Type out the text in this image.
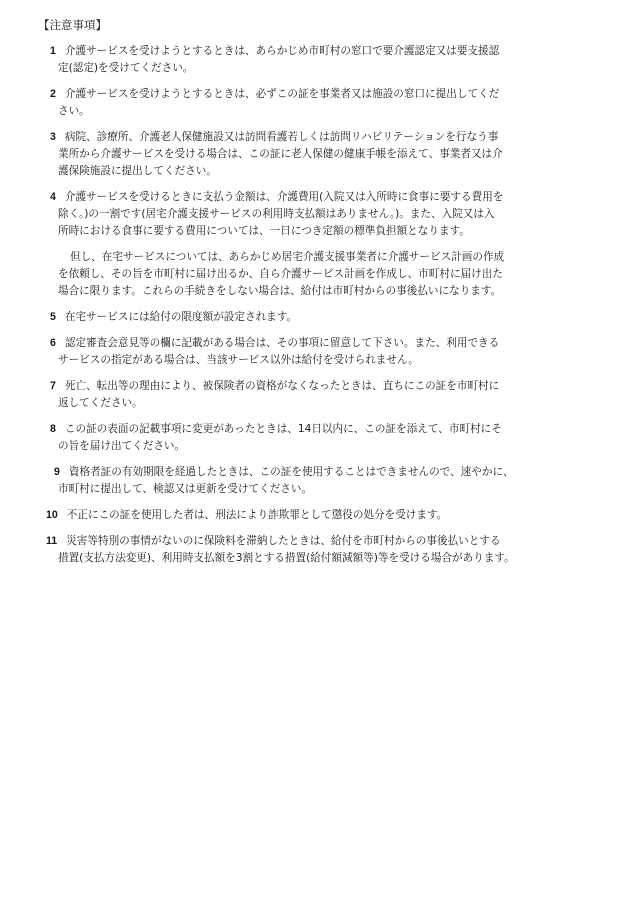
【注意事項】
1 介護サービスを受けようとするときは、あらかじめ市町村の窓口で要介護認定又は要支援認
定(認定)を受けてください。
2 介護サービスを受けようとするときは、必ずこの証を事業者又は施設の窓口に提出してくだ
さい。
3 病院、診療所、介護老人保健施設又は訪問看護若しくは訪問リハビリテーションを行なう事
業所から介護サービスを受ける場合は、この証に老人保健の健康手帳を添えて、事業者又は介
護保険施設に提出してください。
4 介護サービスを受けるときに支払う金額は、介護費用(入院又は入所時に食事に要する費用を
除く。)の一割です(居宅介護支援サービスの利用時支払額はありません。)。また、入院又は入
所時における食事に要する費用については、一日につき定額の標準負担額となります。
但し、在宅サービスについては、あらかじめ居宅介護支援事業者に介護サービス計画の作成
を依頼し、その旨を市町村に届け出るか、自ら介護サービス計画を作成し、市町村に届け出た
場合に限ります。これらの手続きをしない場合は、給付は市町村からの事後払いになります。
5 在宅サービスには給付の限度額が設定されます。
6 認定審査会意見等の欄に記載がある場合は、その事項に留意して下さい。また、利用できる
サービスの指定がある場合は、当該サービス以外は給付を受けられません。
7 死亡、転出等の理由により、被保険者の資格がなくなったときは、直ちにこの証を市町村に
返してください。
8 この証の表面の記載事項に変更があったときは、14日以内に、この証を添えて、市町村にそ
の旨を届け出てください。
9 資格者証の有効期限を経過したときは、この証を使用することはできませんので、速やかに、
市町村に提出して、検認又は更新を受けてください。
10 不正にこの証を使用した者は、刑法により詐欺罪として懲役の処分を受けます。
11 災害等特別の事情がないのに保険料を滞納したときは、給付を市町村からの事後払いとする
措置(支払方法変更)、利用時支払額を3割とする措置(給付額減額等)等を受ける場合があります。
